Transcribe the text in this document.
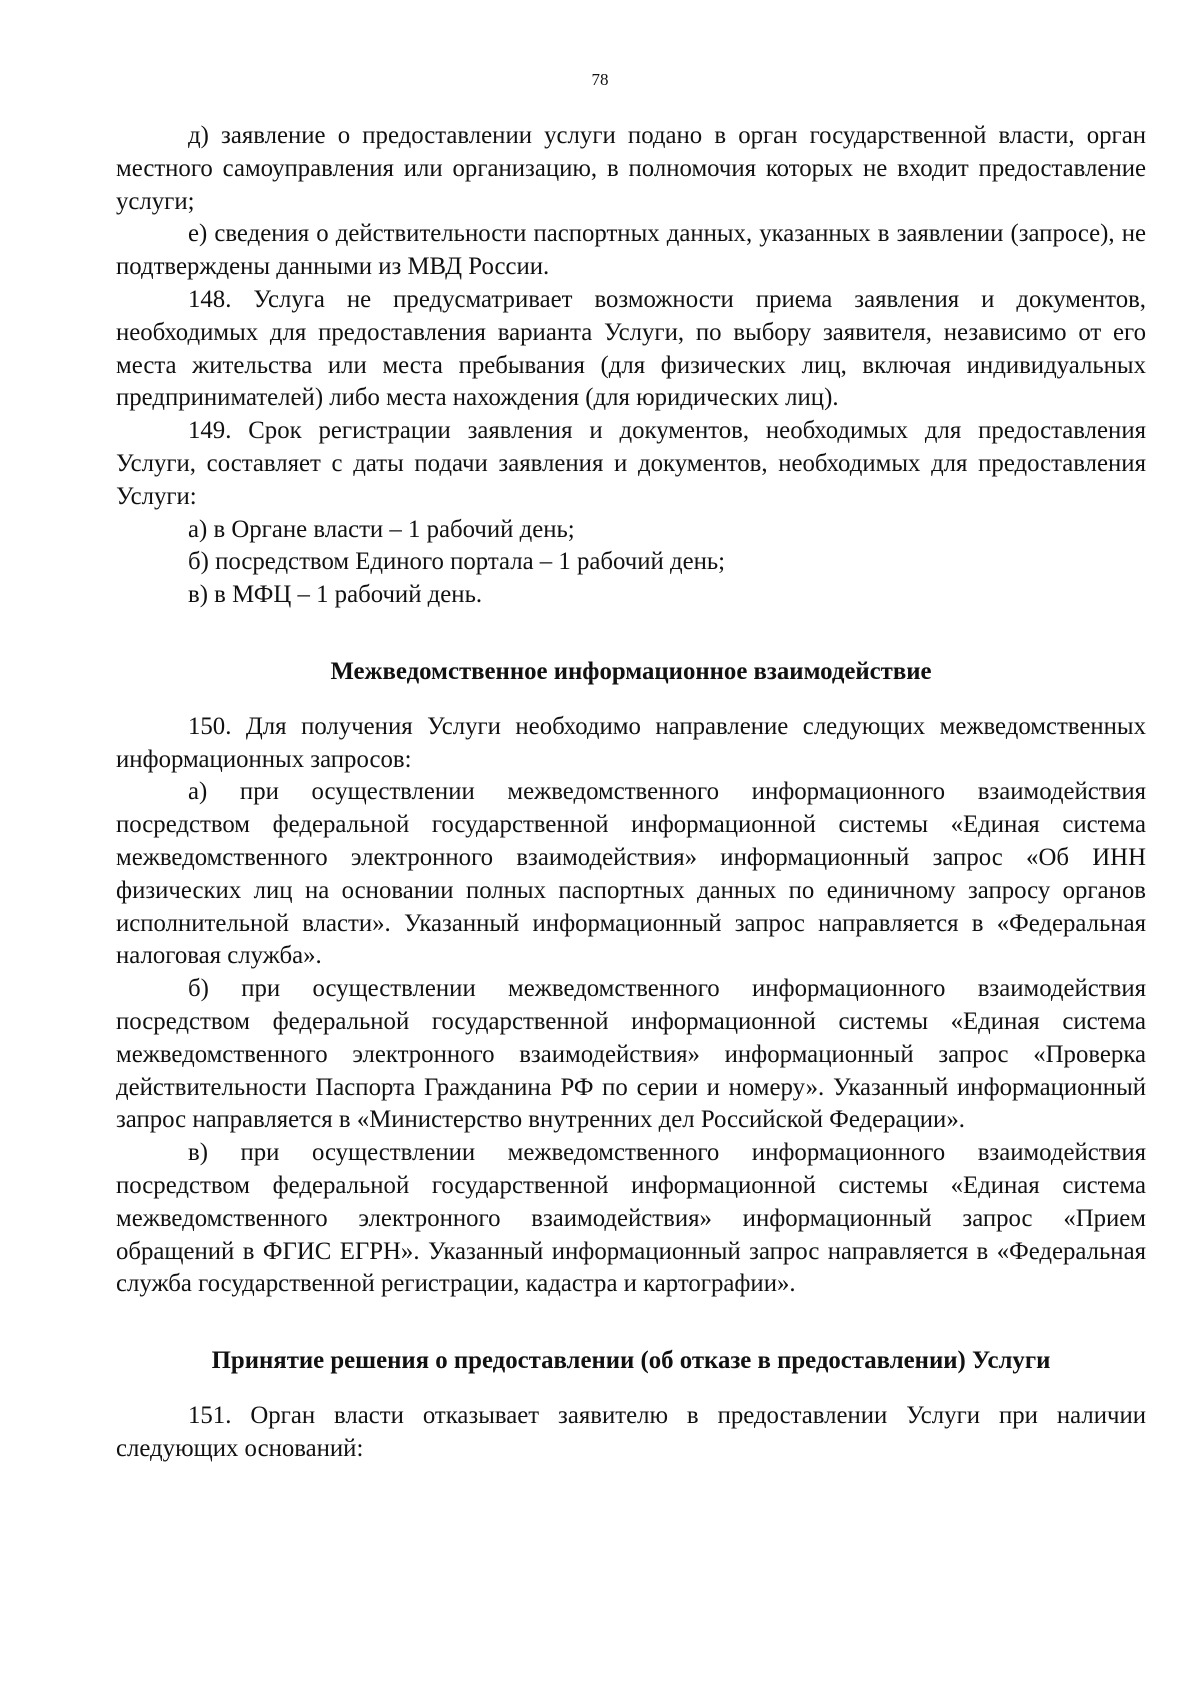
78

д) заявление о предоставлении услуги подано в орган государственной власти, орган местного самоуправления или организацию, в полномочия которых не входит предоставление услуги;

е) сведения о действительности паспортных данных, указанных в заявлении (запросе), не подтверждены данными из МВД России.

148. Услуга не предусматривает возможности приема заявления и документов, необходимых для предоставления варианта Услуги, по выбору заявителя, независимо от его места жительства или места пребывания (для физических лиц, включая индивидуальных предпринимателей) либо места нахождения (для юридических лиц).

149. Срок регистрации заявления и документов, необходимых для предоставления Услуги, составляет с даты подачи заявления и документов, необходимых для предоставления Услуги:

а) в Органе власти – 1 рабочий день;

б) посредством Единого портала – 1 рабочий день;

в) в МФЦ – 1 рабочий день.

Межведомственное информационное взаимодействие

150. Для получения Услуги необходимо направление следующих межведомственных информационных запросов:

а) при осуществлении межведомственного информационного взаимодействия посредством федеральной государственной информационной системы «Единая система межведомственного электронного взаимодействия» информационный запрос «Об ИНН физических лиц на основании полных паспортных данных по единичному запросу органов исполнительной власти». Указанный информационный запрос направляется в «Федеральная налоговая служба».

б) при осуществлении межведомственного информационного взаимодействия посредством федеральной государственной информационной системы «Единая система межведомственного электронного взаимодействия» информационный запрос «Проверка действительности Паспорта Гражданина РФ по серии и номеру». Указанный информационный запрос направляется в «Министерство внутренних дел Российской Федерации».

в) при осуществлении межведомственного информационного взаимодействия посредством федеральной государственной информационной системы «Единая система межведомственного электронного взаимодействия» информационный запрос «Прием обращений в ФГИС ЕГРН». Указанный информационный запрос направляется в «Федеральная служба государственной регистрации, кадастра и картографии».

Принятие решения о предоставлении (об отказе в предоставлении) Услуги

151. Орган власти отказывает заявителю в предоставлении Услуги при наличии следующих оснований:
